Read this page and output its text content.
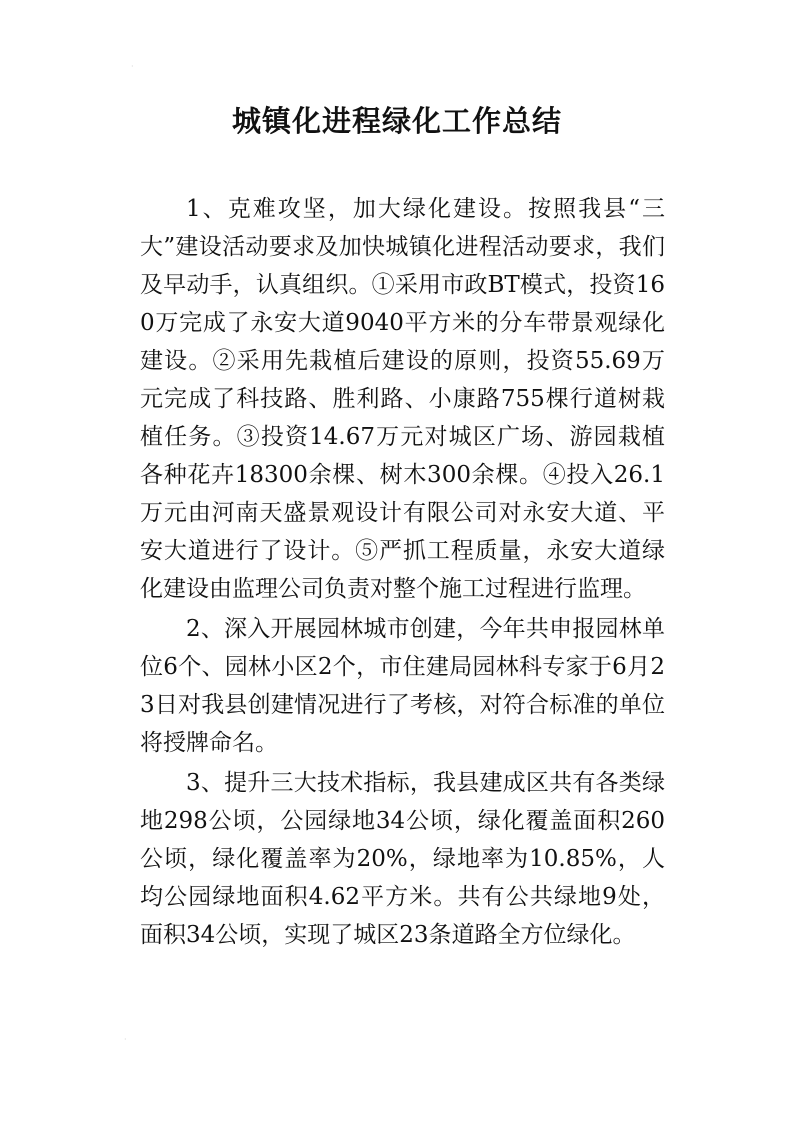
·
·
城镇化进程绿化工作总结

1、克难攻坚，加大绿化建设。按照我县“三大”建设活动要求及加快城镇化进程活动要求，我们及早动手，认真组织。①采用市政BT模式，投资160万完成了永安大道9040平方米的分车带景观绿化建设。②采用先栽植后建设的原则，投资55.69万元完成了科技路、胜利路、小康路755棵行道树栽植任务。③投资14.67万元对城区广场、游园栽植各种花卉18300余棵、树木300余棵。④投入26.1万元由河南天盛景观设计有限公司对永安大道、平安大道进行了设计。⑤严抓工程质量，永安大道绿化建设由监理公司负责对整个施工过程进行监理。

2、深入开展园林城市创建，今年共申报园林单位6个、园林小区2个，市住建局园林科专家于6月23日对我县创建情况进行了考核，对符合标准的单位将授牌命名。

3、提升三大技术指标，我县建成区共有各类绿地298公顷，公园绿地34公顷，绿化覆盖面积260公顷，绿化覆盖率为20%，绿地率为10.85%，人均公园绿地面积4.62平方米。共有公共绿地9处，面积34公顷，实现了城区23条道路全方位绿化。
